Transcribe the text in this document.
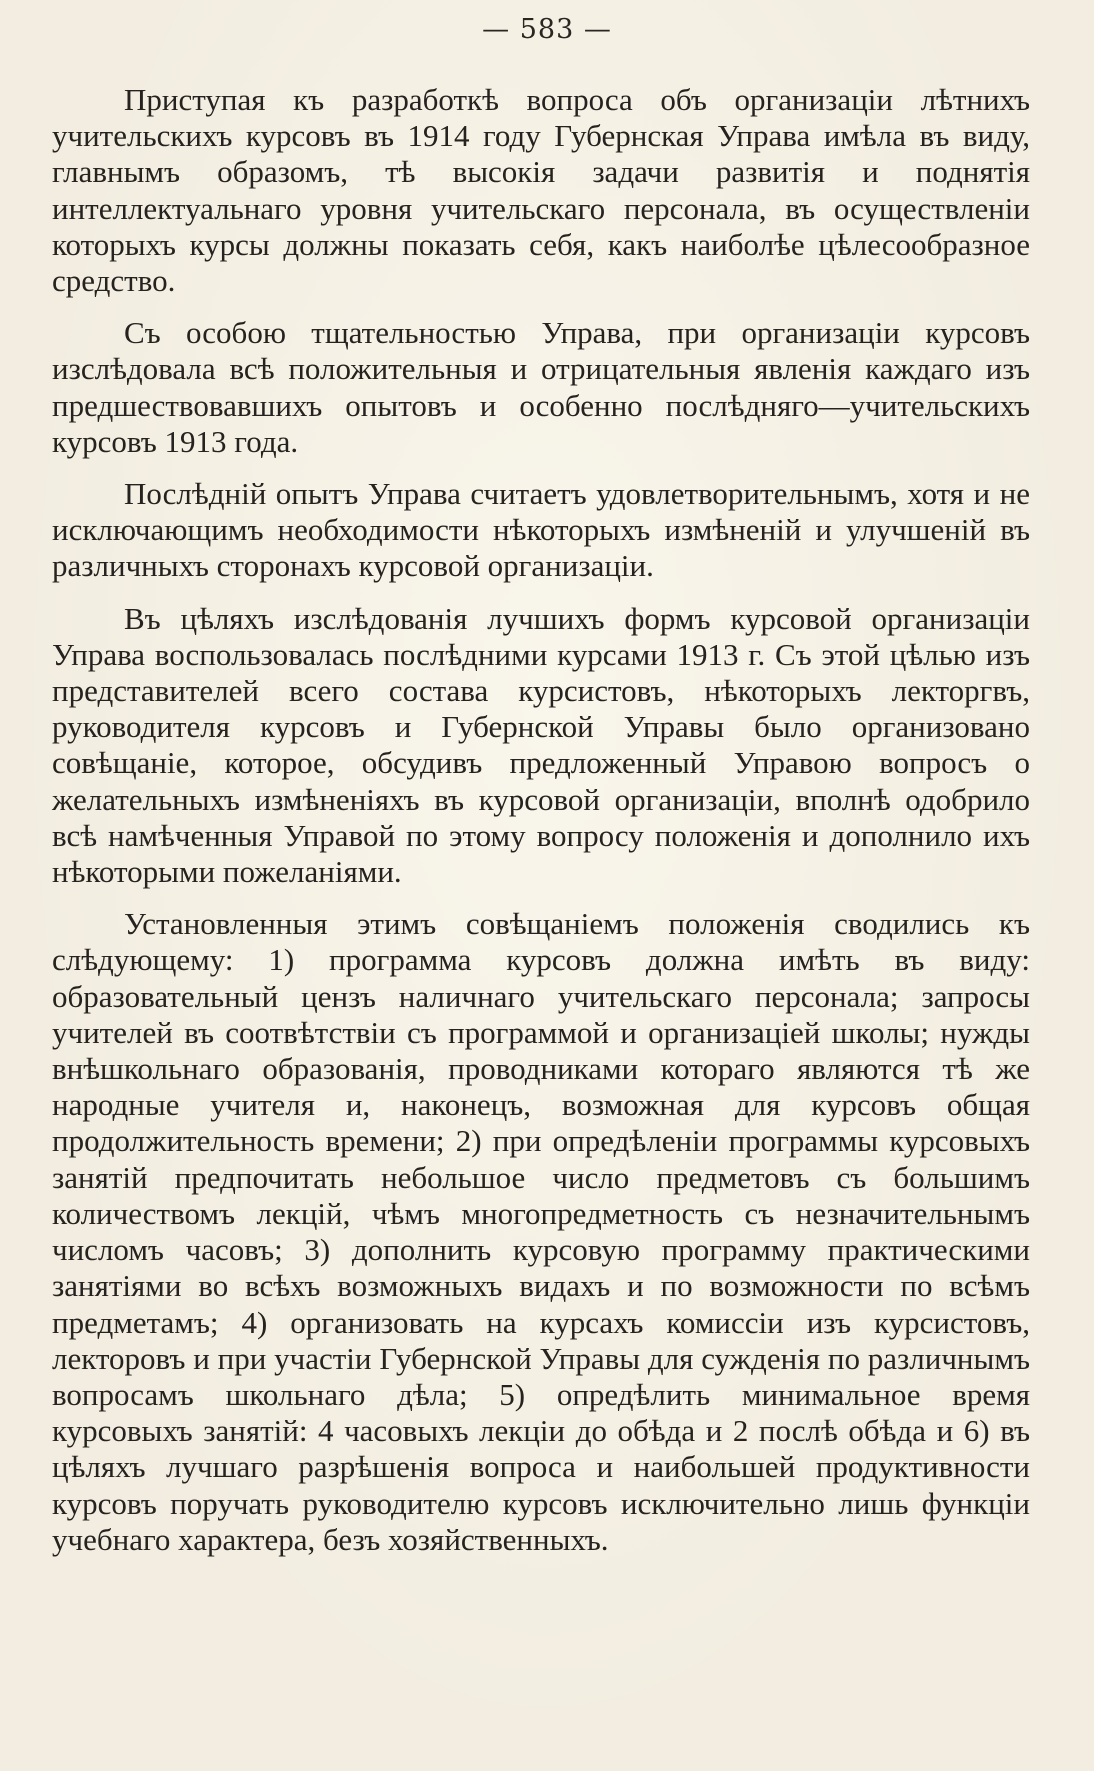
— 583 —

Приступая къ разработкѣ вопроса объ организаціи лѣтнихъ учительскихъ курсовъ въ 1914 году Губернская Управа имѣла въ виду, главнымъ образомъ, тѣ высокія задачи развитія и поднятія интеллектуальнаго уровня учительскаго персонала, въ осуществленіи которыхъ курсы должны показать себя, какъ наиболѣе цѣлесообразное средство.

Съ особою тщательностью Управа, при организаціи курсовъ изслѣдовала всѣ положительныя и отрицательныя явленія каждаго изъ предшествовавшихъ опытовъ и особенно послѣдняго—учительскихъ курсовъ 1913 года.

Послѣдній опытъ Управа считаетъ удовлетворительнымъ, хотя и не исключающимъ необходимости нѣкоторыхъ измѣненій и улучшеній въ различныхъ сторонахъ курсовой организаціи.

Въ цѣляхъ изслѣдованія лучшихъ формъ курсовой организаціи Управа воспользовалась послѣдними курсами 1913 г. Съ этой цѣлью изъ представителей всего состава курсистовъ, нѣкоторыхъ лекторгвъ, руководителя курсовъ и Губернской Управы было организовано совѣщаніе, которое, обсудивъ предложенный Управою вопросъ о желательныхъ измѣненіяхъ въ курсовой организаціи, вполнѣ одобрило всѣ намѣченныя Управой по этому вопросу положенія и дополнило ихъ нѣкоторыми пожеланіями.

Установленныя этимъ совѣщаніемъ положенія сводились къ слѣдующему: 1) программа курсовъ должна имѣть въ виду: образовательный цензъ наличнаго учительскаго персонала; запросы учителей въ соотвѣтствіи съ программой и организаціей школы; нужды внѣшкольнаго образованія, проводниками котораго являются тѣ же народные учителя и, наконецъ, возможная для курсовъ общая продолжительность времени; 2) при опредѣленіи программы курсовыхъ занятій предпочитать небольшое число предметовъ съ большимъ количествомъ лекцій, чѣмъ многопредметность съ незначительнымъ числомъ часовъ; 3) дополнить курсовую программу практическими занятіями во всѣхъ возможныхъ видахъ и по возможности по всѣмъ предметамъ; 4) организовать на курсахъ комиссіи изъ курсистовъ, лекторовъ и при участіи Губернской Управы для сужденія по различнымъ вопросамъ школьнаго дѣла; 5) опредѣлить минимальное время курсовыхъ занятій: 4 часовыхъ лекціи до обѣда и 2 послѣ обѣда и 6) въ цѣляхъ лучшаго разрѣшенія вопроса и наибольшей продуктивности курсовъ поручать руководителю курсовъ исключительно лишь функціи учебнаго характера, безъ хозяйственныхъ.
